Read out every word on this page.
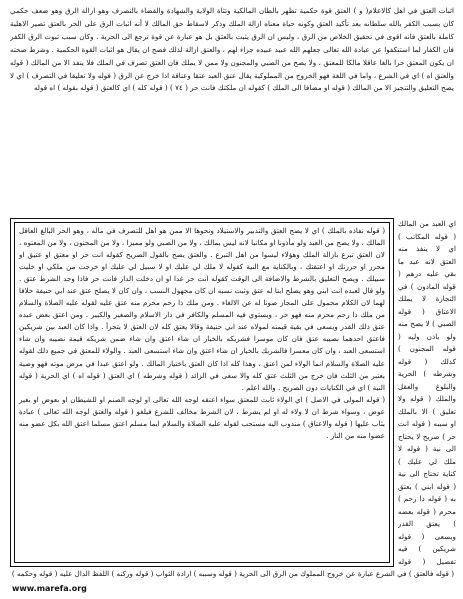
اثبات العتق في اهل كالاعلام( و ) العتق قوة حكمية تظهر بالطان المالكية وتثاة الولاية والشهادة والقضاء بالتصرف وهو ازالة الرق وهو ضعف حكمي كان بسبب الكفر بالله سلطانه بعد تأكيد العتق وكونه حياة معناه ازالة الملك وذكر لاسقاط حق المالك لا أنه اثبات الرق على الحر بالعتق تصير الاهلية كاملة بالعتق فانه اقوى في تحقيق الخلاص من الرق ، وليس ان الرق يثبت بالعتق بل هو عبارة عن قوة ترجع الى الحرية . وكان سبب ثبوت الرق الكفر فان الكفار لما استنكفوا عن عبادة الله تعالى جعلهم الله عبيد عبيده جزاء لهم ، والعتق ازالة لذلك فصح ان يقال هو اثبات القوة الحكمية . وشرط صحته ان يكون المعتق حرا بالغا عاقلا مالكا للمعتق ، ولا يصح من الصبي والمجنون ولا ممن لا يملك فان العتق تصرف في الملك فلا ينفذ الا من المالك ( قوله والعتق اه ) اي في الشرع ، واما في اللغة فهو الخروج من المملوكية يقال عتق العبد عتقا وعتاقة اذا خرج عن الرق ( قوله ولا تعليقا في التصرف ) اي لا يصح التعليق والتنجيز الا من المالك ( قوله او مضافا الى الملك ) كقوله ان ملكتك فانت حر ( ٧٤ ) ( قوله كله ) اي كالعتق ( قوله بقوله ) اه قوله

( قوله نفاذه بالملك ) اي لا يصح العتق والتدبير والاستيلاد ونحوها الا ممن هو اهل للتصرف في ماله ، وهو الحر البالغ العاقل المالك ، ولا يصح من العبد ولو مأذونا او مكاتبا لانه ليس بمالك ، ولا من الصبي ولو مميزا ، ولا من المجنون ، ولا من المعتوه ، لان العتق تبرع بازالة الملك وهؤلاء ليسوا من اهل التبرع . والعتق يصح بالقول الصريح كقوله انت حر او معتق او عتيق او محرر او حررتك او اعتقتك ، وبالكناية مع النية كقوله لا ملك لي عليك او لا سبيل لي عليك او خرجت من ملكي او خليت سبيلك . ويصح التعليق بالشرط والاضافة الى الوقت كقوله انت حر غدا او ان دخلت الدار فانت حر فاذا وجد الشرط عتق . ولو قال لعبده انت ابني وهو يصلح ابنا له عتق وثبت نسبه ان كان مجهول النسب ، وان كان لا يصلح عتق عند ابي حنيفة خلافا لهما لان الكلام محمول على المجاز صونا له عن الالغاء . ومن ملك ذا رحم محرم منه عتق عليه لقوله عليه الصلاة والسلام من ملك ذا رحم محرم منه فهو حر ، ويستوي فيه المسلم والكافر في دار الاسلام والصغير والكبير . ومن اعتق بعض عبده عتق ذلك القدر ويسعى في بقية قيمته لمولاه عند ابي حنيفة وقالا يعتق كله لان العتق لا يتجزأ . واذا كان العبد بين شريكين فاعتق احدهما نصيبه عتق فان كان موسرا فشريكه بالخيار ان شاء اعتق وان شاء ضمن شريكه قيمة نصيبه وان شاء استسعى العبد ، وان كان معسرا فالشريك بالخيار ان شاء اعتق وان شاء استسعى العبد . والولاء للمعتق في جميع ذلك لقوله عليه الصلاة والسلام انما الولاء لمن اعتق ، وهذا كله اذا كان العتق باختيار المالك . ولو اعتق عبدا في مرض موته فهو وصية يعتبر من الثلث فان خرج من الثلث عتق كله والا سعى في الزائد ( قوله وشرطه ) اي العتق ( قوله اه ) اي الحرية ( قوله النية ) اي في الكنايات دون الصريح . والله اعلم .

( قوله المولى في الاصل ) اي الولاء ثابت للمعتق سواء اعتقه لوجه الله تعالى او لوجه الصنم او للشيطان او بعوض او بغير عوض ، وسواء شرط ان لا ولاء له او لم يشرط ، لان الشرط مخالف للشرع فيلغو ( قوله والعتق لوجه الله تعالى ) عبادة يثاب عليها ( قوله والاعتاق ) مندوب اليه مستحب لقوله عليه الصلاة والسلام ايما مسلم اعتق مسلما اعتق الله بكل عضو منه عضوا منه من النار .

اي العبد من المالك ( قوله المكاتب ) اي لا ينفذ منه العتق لانه عبد ما بقي عليه درهم ( قوله الماذون ) في التجارة لا يملك الاعتاق ( قوله الصبي ) لا يصح منه ولو باذن وليه ( قوله المجنون ) كذلك ( قوله وشرطه ) الحرية والبلوغ والعقل والملك ( قوله ولا تعليق ) الا بالملك او سببه ( قوله انت حر ) صريح لا يحتاج الى نية ( قوله لا ملك لي عليك ) كناية تحتاج الى نية ( قوله ابني ) يعتق به ( قوله ذا رحم ) محرم ( قوله بعضه ) يعتق القدر ويسعى ( قوله شريكين ) فيه تفصيل ( قوله

( قوله فالعتق ) في الشرع عبارة عن خروج المملوك من الرق الى الحرية ( قوله وسببه ) ارادة الثواب ( قوله وركنه ) اللفظ الدال عليه ( قوله وحكمه )

www.marefa.org
